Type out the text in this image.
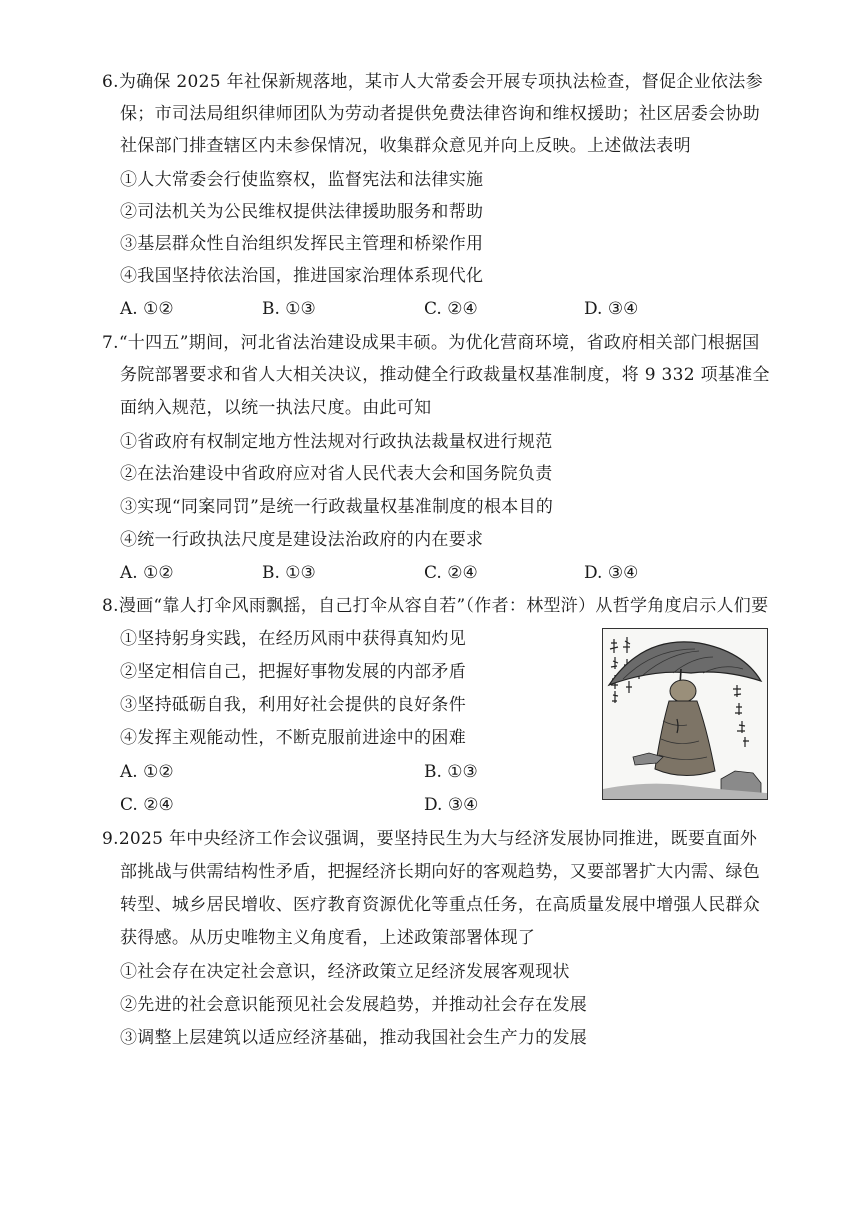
6.为确保 2025 年社保新规落地，某市人大常委会开展专项执法检查，督促企业依法参
保；市司法局组织律师团队为劳动者提供免费法律咨询和维权援助；社区居委会协助
社保部门排查辖区内未参保情况，收集群众意见并向上反映。上述做法表明
①人大常委会行使监察权，监督宪法和法律实施
②司法机关为公民维权提供法律援助服务和帮助
③基层群众性自治组织发挥民主管理和桥梁作用
④我国坚持依法治国，推进国家治理体系现代化
A. ①②	B. ①③	C. ②④	D. ③④
7.“十四五”期间，河北省法治建设成果丰硕。为优化营商环境，省政府相关部门根据国
务院部署要求和省人大相关决议，推动健全行政裁量权基准制度，将 9 332 项基准全
面纳入规范，以统一执法尺度。由此可知
①省政府有权制定地方性法规对行政执法裁量权进行规范
②在法治建设中省政府应对省人民代表大会和国务院负责
③实现“同案同罚”是统一行政裁量权基准制度的根本目的
④统一行政执法尺度是建设法治政府的内在要求
A. ①②	B. ①③	C. ②④	D. ③④
8.漫画“靠人打伞风雨飘摇，自己打伞从容自若”（作者：林型浒）从哲学角度启示人们要
①坚持躬身实践，在经历风雨中获得真知灼见
②坚定相信自己，把握好事物发展的内部矛盾
③坚持砥砺自我，利用好社会提供的良好条件
④发挥主观能动性，不断克服前进途中的困难
A. ①②	B. ①③
C. ②④	D. ③④
9.2025 年中央经济工作会议强调，要坚持民生为大与经济发展协同推进，既要直面外
部挑战与供需结构性矛盾，把握经济长期向好的客观趋势，又要部署扩大内需、绿色
转型、城乡居民增收、医疗教育资源优化等重点任务，在高质量发展中增强人民群众
获得感。从历史唯物主义角度看，上述政策部署体现了
①社会存在决定社会意识，经济政策立足经济发展客观现状
②先进的社会意识能预见社会发展趋势，并推动社会存在发展
③调整上层建筑以适应经济基础，推动我国社会生产力的发展
